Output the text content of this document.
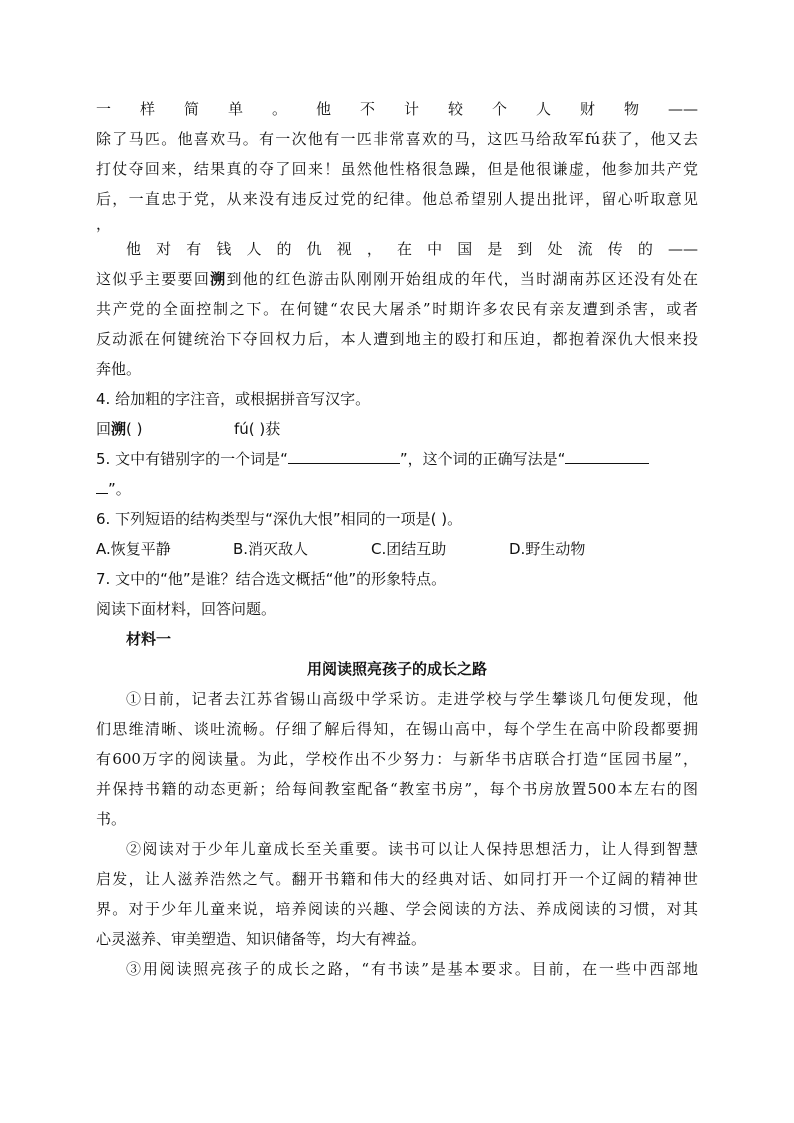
一样简单。他不计较个人财物——

除了马匹。他喜欢马。有一次他有一匹非常喜欢的马，这匹马给敌军fú获了，他又去

打仗夺回来，结果真的夺了回来！虽然他性格很急躁，但是他很谦虚，他参加共产党

后，一直忠于党，从来没有违反过党的纪律。他总希望别人提出批评，留心听取意见

，

他对有钱人的仇视，在中国是到处流传的——

这似乎主要要回溯到他的红色游击队刚刚开始组成的年代，当时湖南苏区还没有处在

共产党的全面控制之下。在何键“农民大屠杀”时期许多农民有亲友遭到杀害，或者

反动派在何键统治下夺回权力后，本人遭到地主的殴打和压迫，都抱着深仇大恨来投

奔他。

4. 给加粗的字注音，或根据拼音写汉字。

回溯( )	fú( )获

5. 文中有错别字的一个词是“	”，这个词的正确写法是“

”。

6. 下列短语的结构类型与“深仇大恨”相同的一项是( )。

A.恢复平静	B.消灭敌人	C.团结互助	D.野生动物

7. 文中的“他”是谁？结合选文概括“他”的形象特点。

阅读下面材料，回答问题。

材料一

用阅读照亮孩子的成长之路

①日前，记者去江苏省锡山高级中学采访。走进学校与学生攀谈几句便发现，他

们思维清晰、谈吐流畅。仔细了解后得知，在锡山高中，每个学生在高中阶段都要拥

有600万字的阅读量。为此，学校作出不少努力：与新华书店联合打造“匡园书屋”，

并保持书籍的动态更新；给每间教室配备“教室书房”，每个书房放置500本左右的图

书。

②阅读对于少年儿童成长至关重要。读书可以让人保持思想活力，让人得到智慧

启发，让人滋养浩然之气。翻开书籍和伟大的经典对话、如同打开一个辽阔的精神世

界。对于少年儿童来说，培养阅读的兴趣、学会阅读的方法、养成阅读的习惯，对其

心灵滋养、审美塑造、知识储备等，均大有裨益。

③用阅读照亮孩子的成长之路，“有书读”是基本要求。目前，在一些中西部地
